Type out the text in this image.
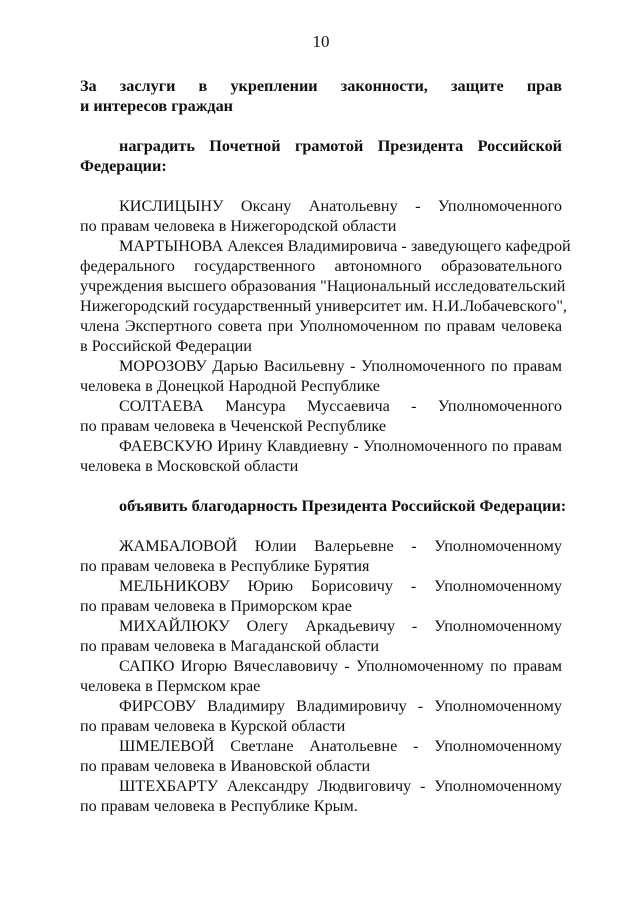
10
За заслуги в укреплении законности, защите прав
и интересов граждан
наградить Почетной грамотой Президента Российской
Федерации:
КИСЛИЦЫНУ Оксану Анатольевну - Уполномоченного
по правам человека в Нижегородской области
МАРТЫНОВА Алексея Владимировича - заведующего кафедрой
федерального государственного автономного образовательного
учреждения высшего образования "Национальный исследовательский
Нижегородский государственный университет им. Н.И.Лобачевского",
члена Экспертного совета при Уполномоченном по правам человека
в Российской Федерации
МОРОЗОВУ Дарью Васильевну - Уполномоченного по правам
человека в Донецкой Народной Республике
СОЛТАЕВА Мансура Муссаевича - Уполномоченного
по правам человека в Чеченской Республике
ФАЕВСКУЮ Ирину Клавдиевну - Уполномоченного по правам
человека в Московской области
объявить благодарность Президента Российской Федерации:
ЖАМБАЛОВОЙ Юлии Валерьевне - Уполномоченному
по правам человека в Республике Бурятия
МЕЛЬНИКОВУ Юрию Борисовичу - Уполномоченному
по правам человека в Приморском крае
МИХАЙЛЮКУ Олегу Аркадьевичу - Уполномоченному
по правам человека в Магаданской области
САПКО Игорю Вячеславовичу - Уполномоченному по правам
человека в Пермском крае
ФИРСОВУ Владимиру Владимировичу - Уполномоченному
по правам человека в Курской области
ШМЕЛЕВОЙ Светлане Анатольевне - Уполномоченному
по правам человека в Ивановской области
ШТЕХБАРТУ Александру Людвиговичу - Уполномоченному
по правам человека в Республике Крым.
